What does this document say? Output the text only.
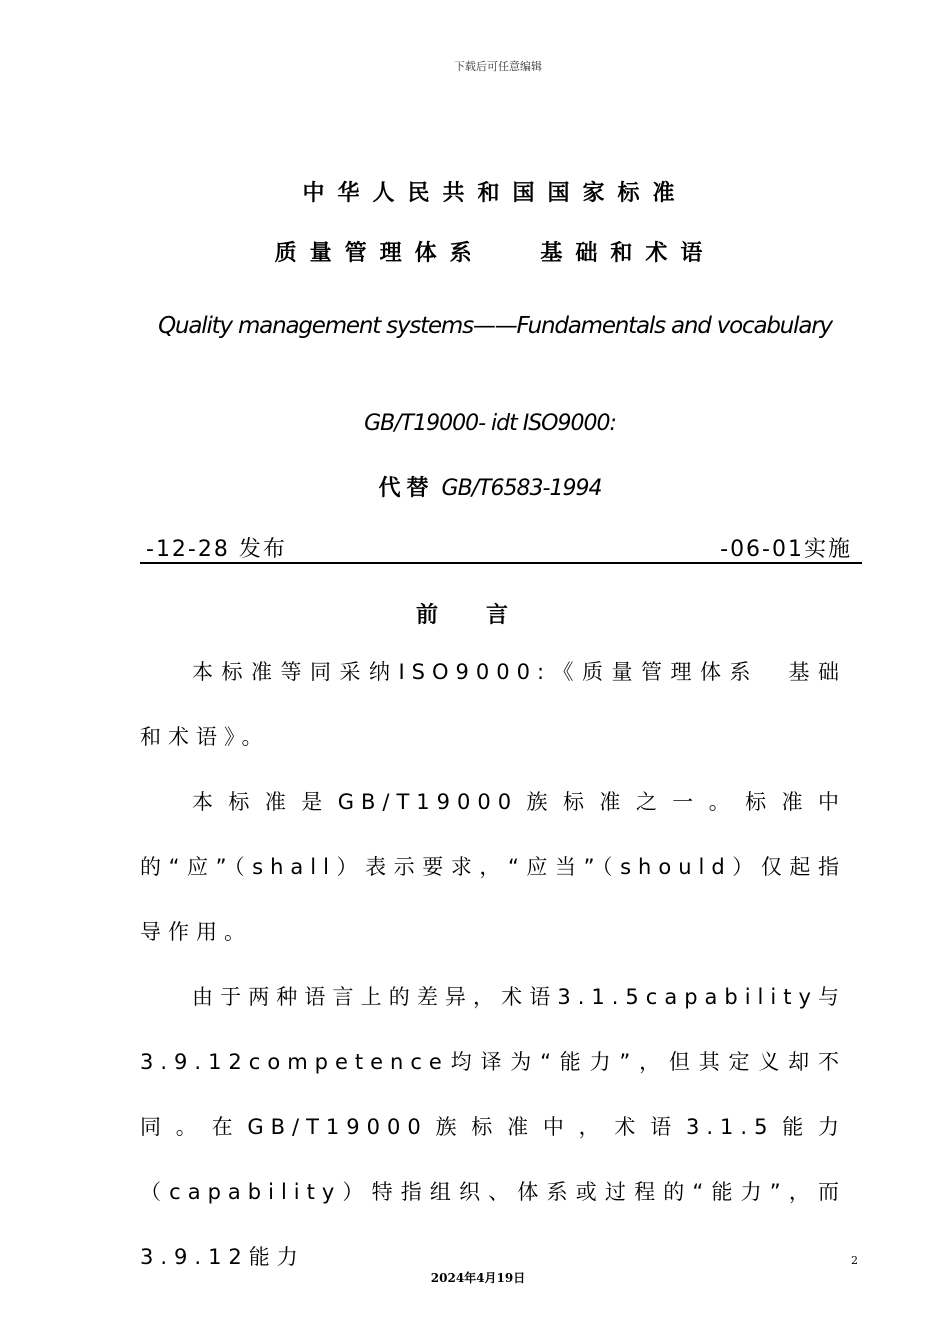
下载后可任意编辑
中华人民共和国国家标准
质量管理体系　 基础和术语
Quality management systems——Fundamentals and vocabulary
GB/T19000- idt ISO9000:
代替 GB/T6583-1994
-12-28 发布	-06-01实施
前言

本标准等同采纳ISO9000:《质量管理体系　基础和术语》。

本标准是GB/T19000族标准之一。标准中的“应”（shall）表示要求，“应当”（should）仅起指导作用。

由于两种语言上的差异，术语3.1.5capability与3.9.12competence均译为“能力”，但其定义却不同。在GB/T19000族标准中，术语3.1.5能力（capability）特指组织、体系或过程的“能力”，而3.9.12能力	2
2024年4月19日
